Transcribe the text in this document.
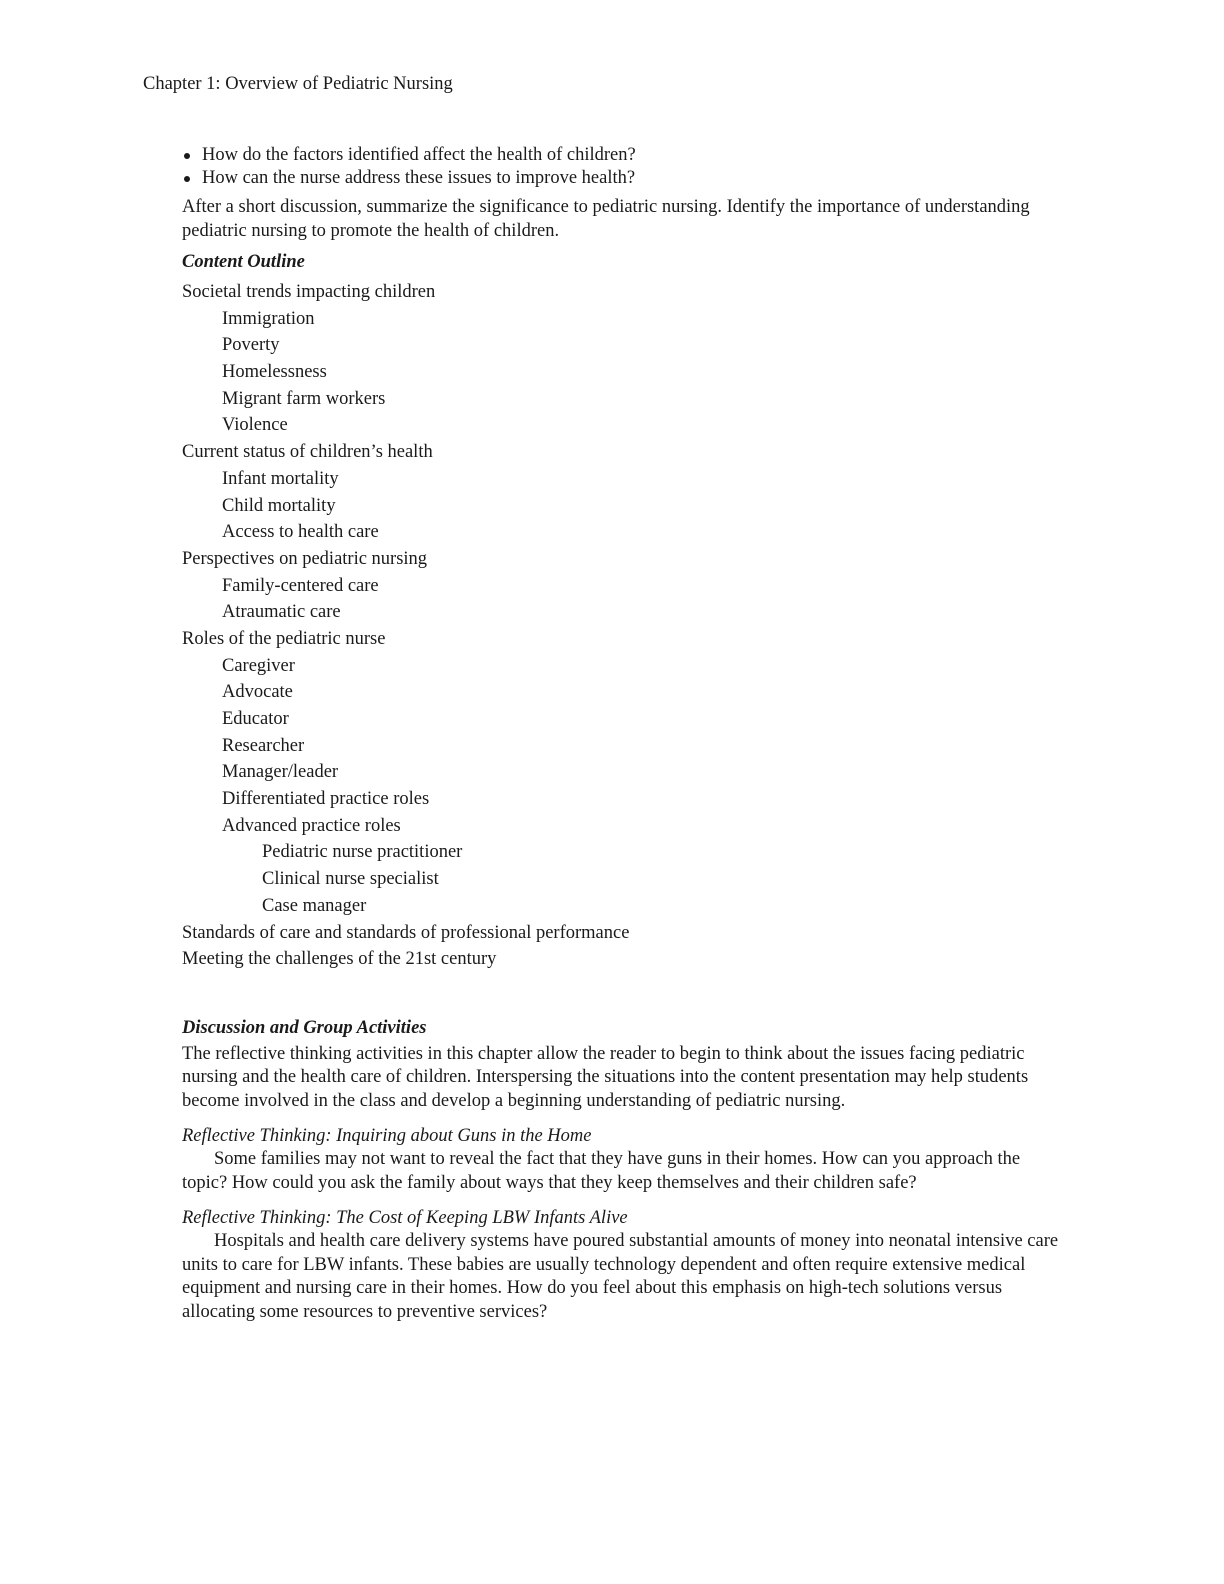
Chapter 1: Overview of Pediatric Nursing
How do the factors identified affect the health of children?
How can the nurse address these issues to improve health?

After a short discussion, summarize the significance to pediatric nursing. Identify the importance of understanding pediatric nursing to promote the health of children.

Content Outline
Societal trends impacting children
Immigration
Poverty
Homelessness
Migrant farm workers
Violence
Current status of children’s health
Infant mortality
Child mortality
Access to health care
Perspectives on pediatric nursing
Family-centered care
Atraumatic care
Roles of the pediatric nurse
Caregiver
Advocate
Educator
Researcher
Manager/leader
Differentiated practice roles
Advanced practice roles
Pediatric nurse practitioner
Clinical nurse specialist
Case manager
Standards of care and standards of professional performance
Meeting the challenges of the 21st century
Discussion and Group Activities

The reflective thinking activities in this chapter allow the reader to begin to think about the issues facing pediatric nursing and the health care of children. Interspersing the situations into the content presentation may help students become involved in the class and develop a beginning understanding of pediatric nursing.

Reflective Thinking: Inquiring about Guns in the Home

Some families may not want to reveal the fact that they have guns in their homes. How can you approach the topic? How could you ask the family about ways that they keep themselves and their children safe?

Reflective Thinking: The Cost of Keeping LBW Infants Alive

Hospitals and health care delivery systems have poured substantial amounts of money into neonatal intensive care units to care for LBW infants. These babies are usually technology dependent and often require extensive medical equipment and nursing care in their homes. How do you feel about this emphasis on high-tech solutions versus allocating some resources to preventive services?
